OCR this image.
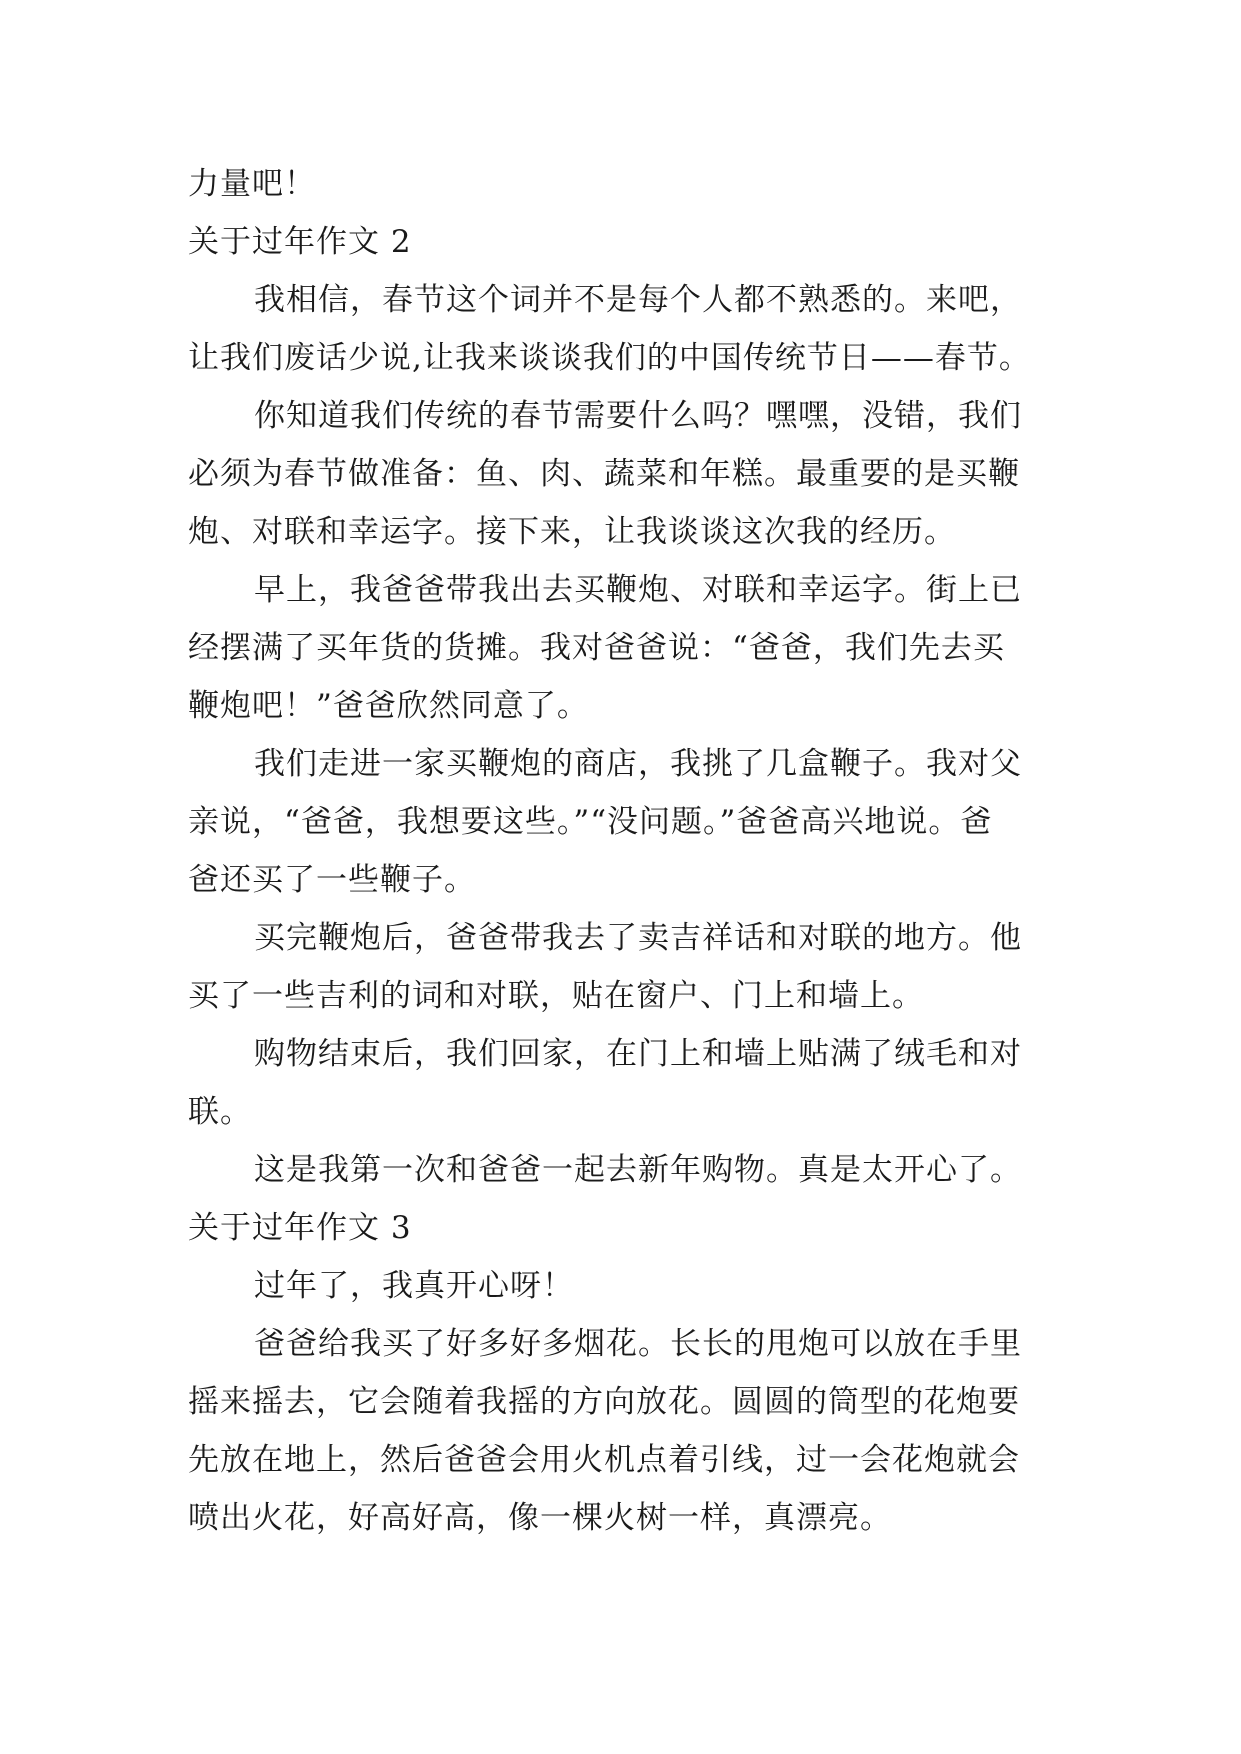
力量吧！
关于过年作文 2
我相信，春节这个词并不是每个人都不熟悉的。来吧，
让我们废话少说,让我来谈谈我们的中国传统节日——春节。
你知道我们传统的春节需要什么吗？嘿嘿，没错，我们
必须为春节做准备：鱼、肉、蔬菜和年糕。最重要的是买鞭
炮、对联和幸运字。接下来，让我谈谈这次我的经历。
早上，我爸爸带我出去买鞭炮、对联和幸运字。街上已
经摆满了买年货的货摊。我对爸爸说：“爸爸，我们先去买
鞭炮吧！”爸爸欣然同意了。
我们走进一家买鞭炮的商店，我挑了几盒鞭子。我对父
亲说，“爸爸，我想要这些。”“没问题。”爸爸高兴地说。爸
爸还买了一些鞭子。
买完鞭炮后，爸爸带我去了卖吉祥话和对联的地方。他
买了一些吉利的词和对联，贴在窗户、门上和墙上。
购物结束后，我们回家，在门上和墙上贴满了绒毛和对
联。
这是我第一次和爸爸一起去新年购物。真是太开心了。
关于过年作文 3
过年了，我真开心呀！
爸爸给我买了好多好多烟花。长长的甩炮可以放在手里
摇来摇去，它会随着我摇的方向放花。圆圆的筒型的花炮要
先放在地上，然后爸爸会用火机点着引线，过一会花炮就会
喷出火花，好高好高，像一棵火树一样，真漂亮。
